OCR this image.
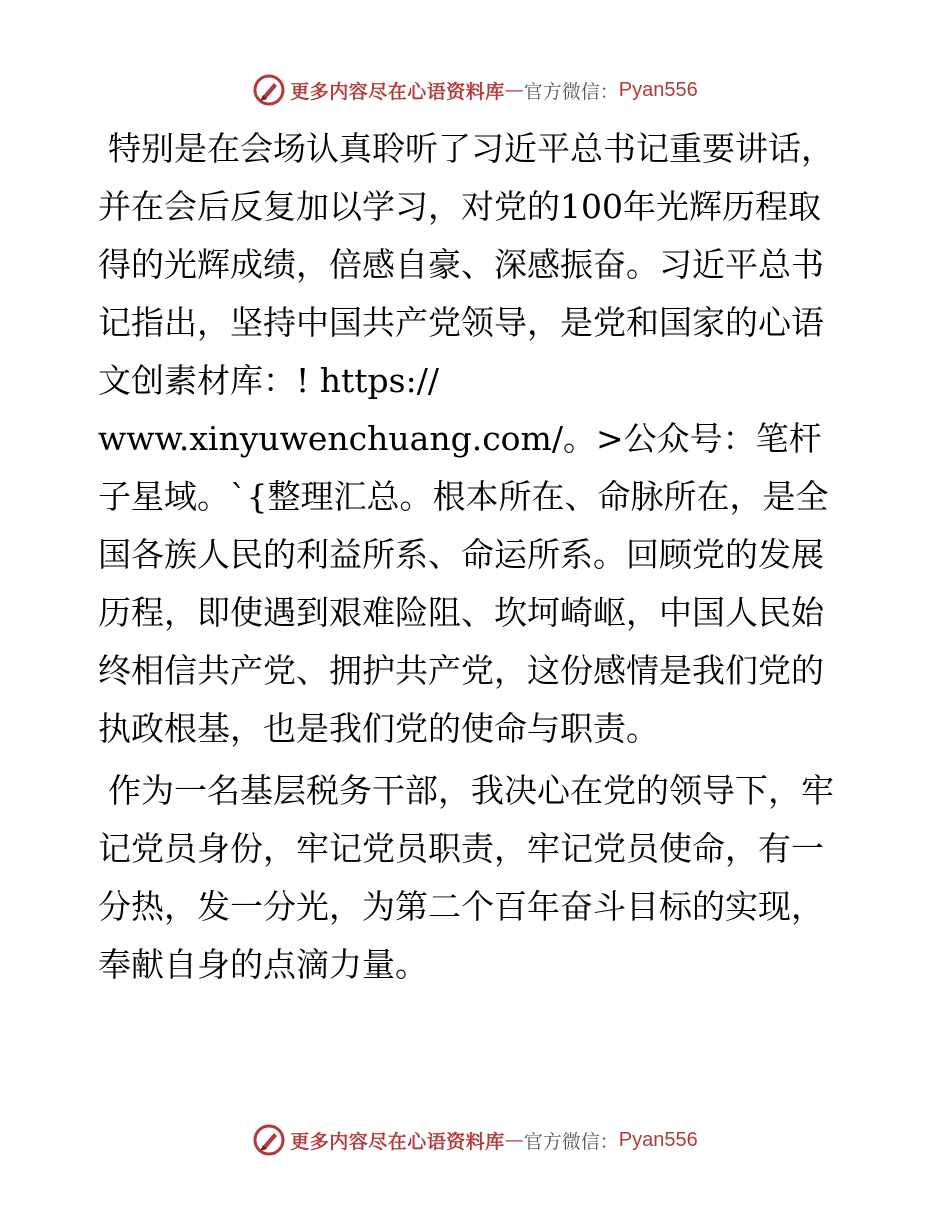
更多内容尽在心语资料库 — 官方微信： Pyan556

特别是在会场认真聆听了习近平总书记重要讲话，并在会后反复加以学习，对党的100年光辉历程取得的光辉成绩，倍感自豪、深感振奋。习近平总书记指出，坚持中国共产党领导，是党和国家的心语文创素材库：! https:// www.xinyuwenchuang.com/。>公众号：笔杆子星域。`{整理汇总。根本所在、命脉所在，是全国各族人民的利益所系、命运所系。回顾党的发展历程，即使遇到艰难险阻、坎坷崎岖，中国人民始终相信共产党、拥护共产党，这份感情是我们党的执政根基，也是我们党的使命与职责。

作为一名基层税务干部，我决心在党的领导下，牢记党员身份，牢记党员职责，牢记党员使命，有一分热，发一分光，为第二个百年奋斗目标的实现，奉献自身的点滴力量。

更多内容尽在心语资料库 — 官方微信： Pyan556
